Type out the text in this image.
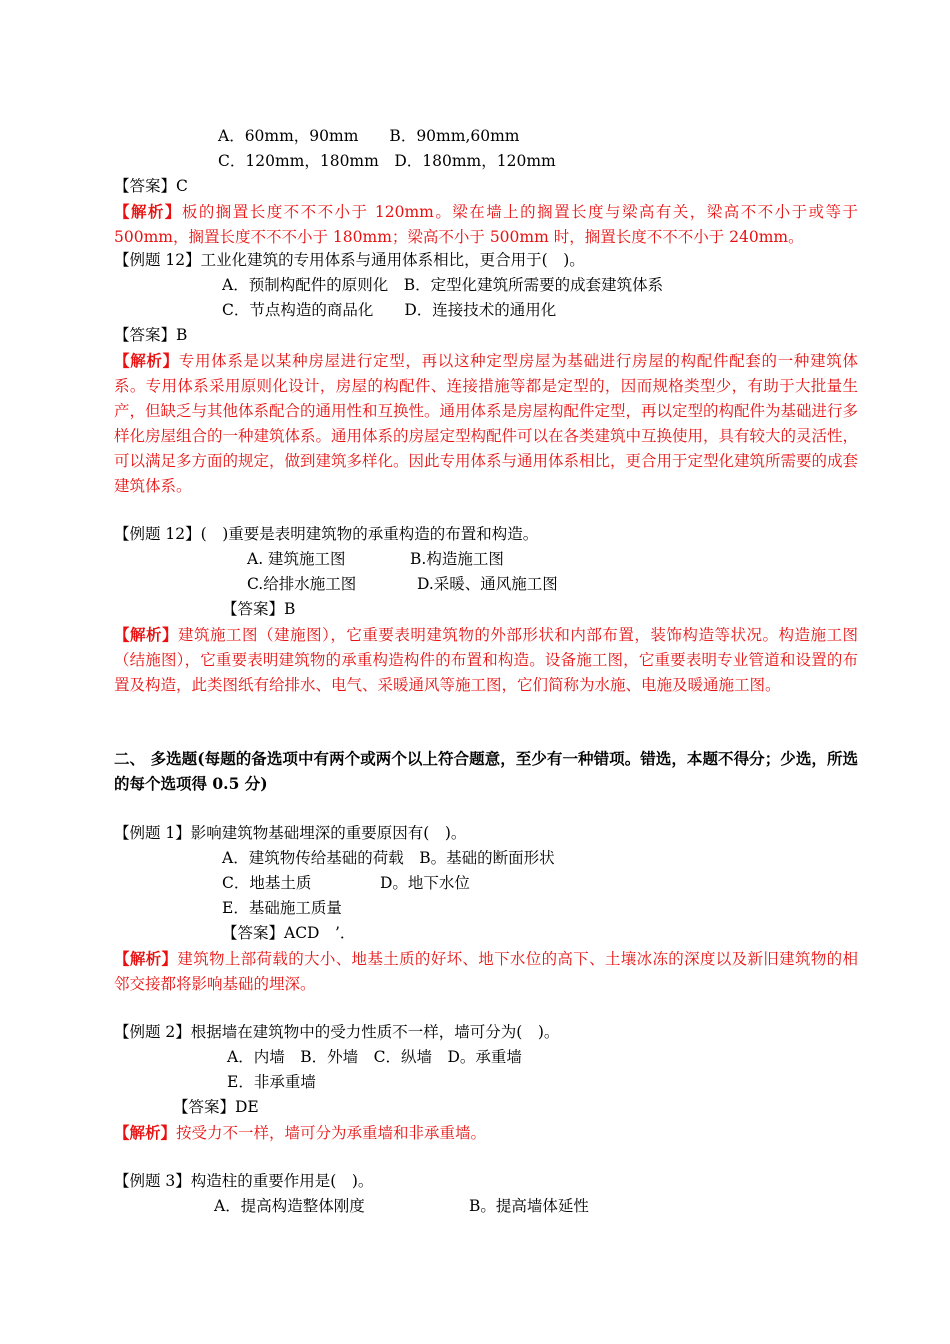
A．60mm，90mm　　B．90mm,60mm
C．120mm，180mm　D．180mm，120mm
【答案】C
【解析】板的搁置长度不不不小于 120mm。梁在墙上的搁置长度与梁高有关，梁高不不小于或等于500mm，搁置长度不不不小于 180mm；梁高不小于 500mm 时，搁置长度不不不小于 240mm。
【例题 12】工业化建筑的专用体系与通用体系相比，更合用于(　)。
A．预制构配件的原则化　B．定型化建筑所需要的成套建筑体系
C．节点构造的商品化　　D．连接技术的通用化
【答案】B
【解析】专用体系是以某种房屋进行定型，再以这种定型房屋为基础进行房屋的构配件配套的一种建筑体系。专用体系采用原则化设计，房屋的构配件、连接措施等都是定型的，因而规格类型少，有助于大批量生产，但缺乏与其他体系配合的通用性和互换性。通用体系是房屋构配件定型，再以定型的构配件为基础进行多样化房屋组合的一种建筑体系。通用体系的房屋定型构配件可以在各类建筑中互换使用，具有较大的灵活性，可以满足多方面的规定，做到建筑多样化。因此专用体系与通用体系相比，更合用于定型化建筑所需要的成套建筑体系。
【例题 12】(　)重要是表明建筑物的承重构造的布置和构造。
A. 建筑施工图	B.构造施工图
C.给排水施工图	D.采暖、通风施工图
【答案】B
【解析】建筑施工图（建施图），它重要表明建筑物的外部形状和内部布置，装饰构造等状况。构造施工图（结施图），它重要表明建筑物的承重构造构件的布置和构造。设备施工图，它重要表明专业管道和设置的布置及构造，此类图纸有给排水、电气、采暖通风等施工图，它们简称为水施、电施及暖通施工图。
二、 多选题(每题的备选项中有两个或两个以上符合题意，至少有一种错项。错选，本题不得分；少选，所选的每个选项得 0.5 分)
【例题 1】影响建筑物基础埋深的重要原因有(　)。
A．建筑物传给基础的荷载　B。基础的断面形状
C．地基土质	D。地下水位
E．基础施工质量
【答案】ACD　’．
【解析】建筑物上部荷载的大小、地基土质的好坏、地下水位的高下、土壤冰冻的深度以及新旧建筑物的相邻交接都将影响基础的埋深。
【例题 2】根据墙在建筑物中的受力性质不一样，墙可分为(　)。
A．内墙　B．外墙　C．纵墙　D。承重墙
E．非承重墙
【答案】DE
【解析】按受力不一样，墙可分为承重墙和非承重墙。
【例题 3】构造柱的重要作用是(　)。
A．提高构造整体刚度	B。提高墙体延性
